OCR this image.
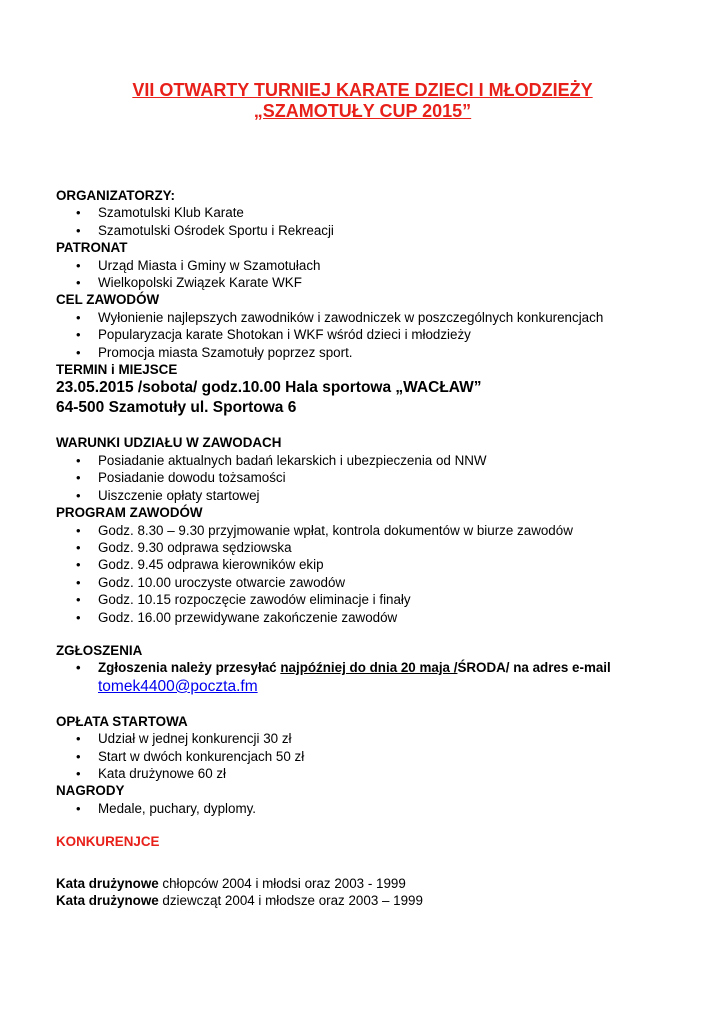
VII OTWARTY TURNIEJ KARATE DZIECI I MŁODZIEŻY
„SZAMOTUŁY CUP 2015”
ORGANIZATORZY:
• Szamotulski Klub Karate
• Szamotulski Ośrodek Sportu i Rekreacji
PATRONAT
• Urząd Miasta i Gminy w Szamotułach
• Wielkopolski Związek Karate WKF
CEL ZAWODÓW
• Wyłonienie najlepszych zawodników i zawodniczek w poszczególnych konkurencjach
• Popularyzacja karate Shotokan i WKF wśród dzieci i młodzieży
• Promocja miasta Szamotuły poprzez sport.
TERMIN i MIEJSCE
23.05.2015 /sobota/ godz.10.00 Hala sportowa „WACŁAW”
64-500 Szamotuły ul. Sportowa 6
WARUNKI UDZIAŁU W ZAWODACH
• Posiadanie aktualnych badań lekarskich i ubezpieczenia od NNW
• Posiadanie dowodu tożsamości
• Uiszczenie opłaty startowej
PROGRAM ZAWODÓW
• Godz. 8.30 – 9.30 przyjmowanie wpłat, kontrola dokumentów w biurze zawodów
• Godz. 9.30 odprawa sędziowska
• Godz. 9.45 odprawa kierowników ekip
• Godz. 10.00 uroczyste otwarcie zawodów
• Godz. 10.15 rozpoczęcie zawodów eliminacje i finały
• Godz. 16.00 przewidywane zakończenie zawodów
ZGŁOSZENIA
• Zgłoszenia należy przesyłać najpóźniej do dnia 20 maja /ŚRODA/ na adres e-mail
tomek4400@poczta.fm
OPŁATA STARTOWA
• Udział w jednej konkurencji 30 zł
• Start w dwóch konkurencjach 50 zł
• Kata drużynowe 60 zł
NAGRODY
• Medale, puchary, dyplomy.
KONKURENJCE
Kata drużynowe chłopców 2004 i młodsi oraz 2003 - 1999
Kata drużynowe dziewcząt 2004 i młodsze oraz 2003 – 1999
